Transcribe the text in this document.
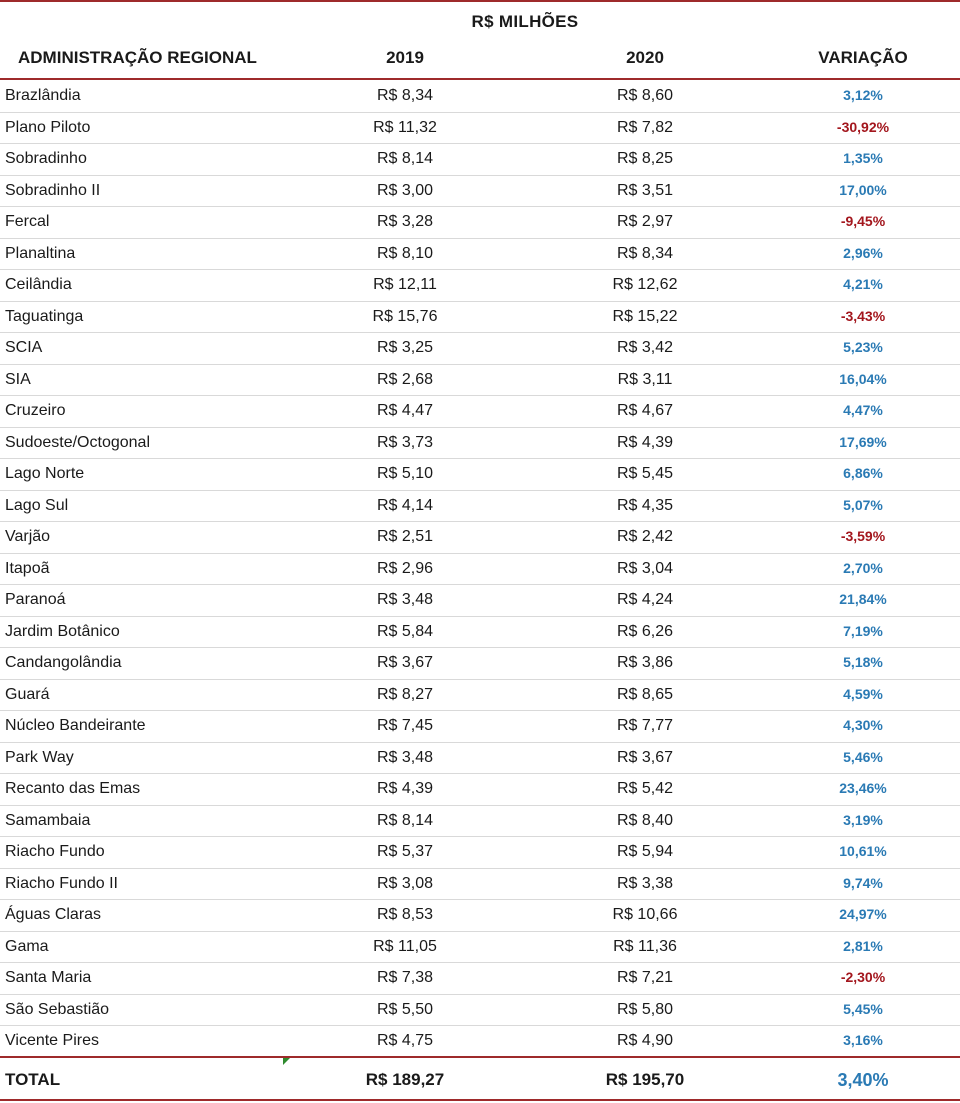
R$ MILHÕES
ADMINISTRAÇÃO REGIONAL	2019	2020	VARIAÇÃO
Brazlândia	R$ 8,34	R$ 8,60	3,12%
Plano Piloto	R$ 11,32	R$ 7,82	-30,92%
Sobradinho	R$ 8,14	R$ 8,25	1,35%
Sobradinho II	R$ 3,00	R$ 3,51	17,00%
Fercal	R$ 3,28	R$ 2,97	-9,45%
Planaltina	R$ 8,10	R$ 8,34	2,96%
Ceilândia	R$ 12,11	R$ 12,62	4,21%
Taguatinga	R$ 15,76	R$ 15,22	-3,43%
SCIA	R$ 3,25	R$ 3,42	5,23%
SIA	R$ 2,68	R$ 3,11	16,04%
Cruzeiro	R$ 4,47	R$ 4,67	4,47%
Sudoeste/Octogonal	R$ 3,73	R$ 4,39	17,69%
Lago Norte	R$ 5,10	R$ 5,45	6,86%
Lago Sul	R$ 4,14	R$ 4,35	5,07%
Varjão	R$ 2,51	R$ 2,42	-3,59%
Itapoã	R$ 2,96	R$ 3,04	2,70%
Paranoá	R$ 3,48	R$ 4,24	21,84%
Jardim Botânico	R$ 5,84	R$ 6,26	7,19%
Candangolândia	R$ 3,67	R$ 3,86	5,18%
Guará	R$ 8,27	R$ 8,65	4,59%
Núcleo Bandeirante	R$ 7,45	R$ 7,77	4,30%
Park Way	R$ 3,48	R$ 3,67	5,46%
Recanto das Emas	R$ 4,39	R$ 5,42	23,46%
Samambaia	R$ 8,14	R$ 8,40	3,19%
Riacho Fundo	R$ 5,37	R$ 5,94	10,61%
Riacho Fundo II	R$ 3,08	R$ 3,38	9,74%
Águas Claras	R$ 8,53	R$ 10,66	24,97%
Gama	R$ 11,05	R$ 11,36	2,81%
Santa Maria	R$ 7,38	R$ 7,21	-2,30%
São Sebastião	R$ 5,50	R$ 5,80	5,45%
Vicente Pires	R$ 4,75	R$ 4,90	3,16%
TOTAL	R$ 189,27	R$ 195,70	3,40%
